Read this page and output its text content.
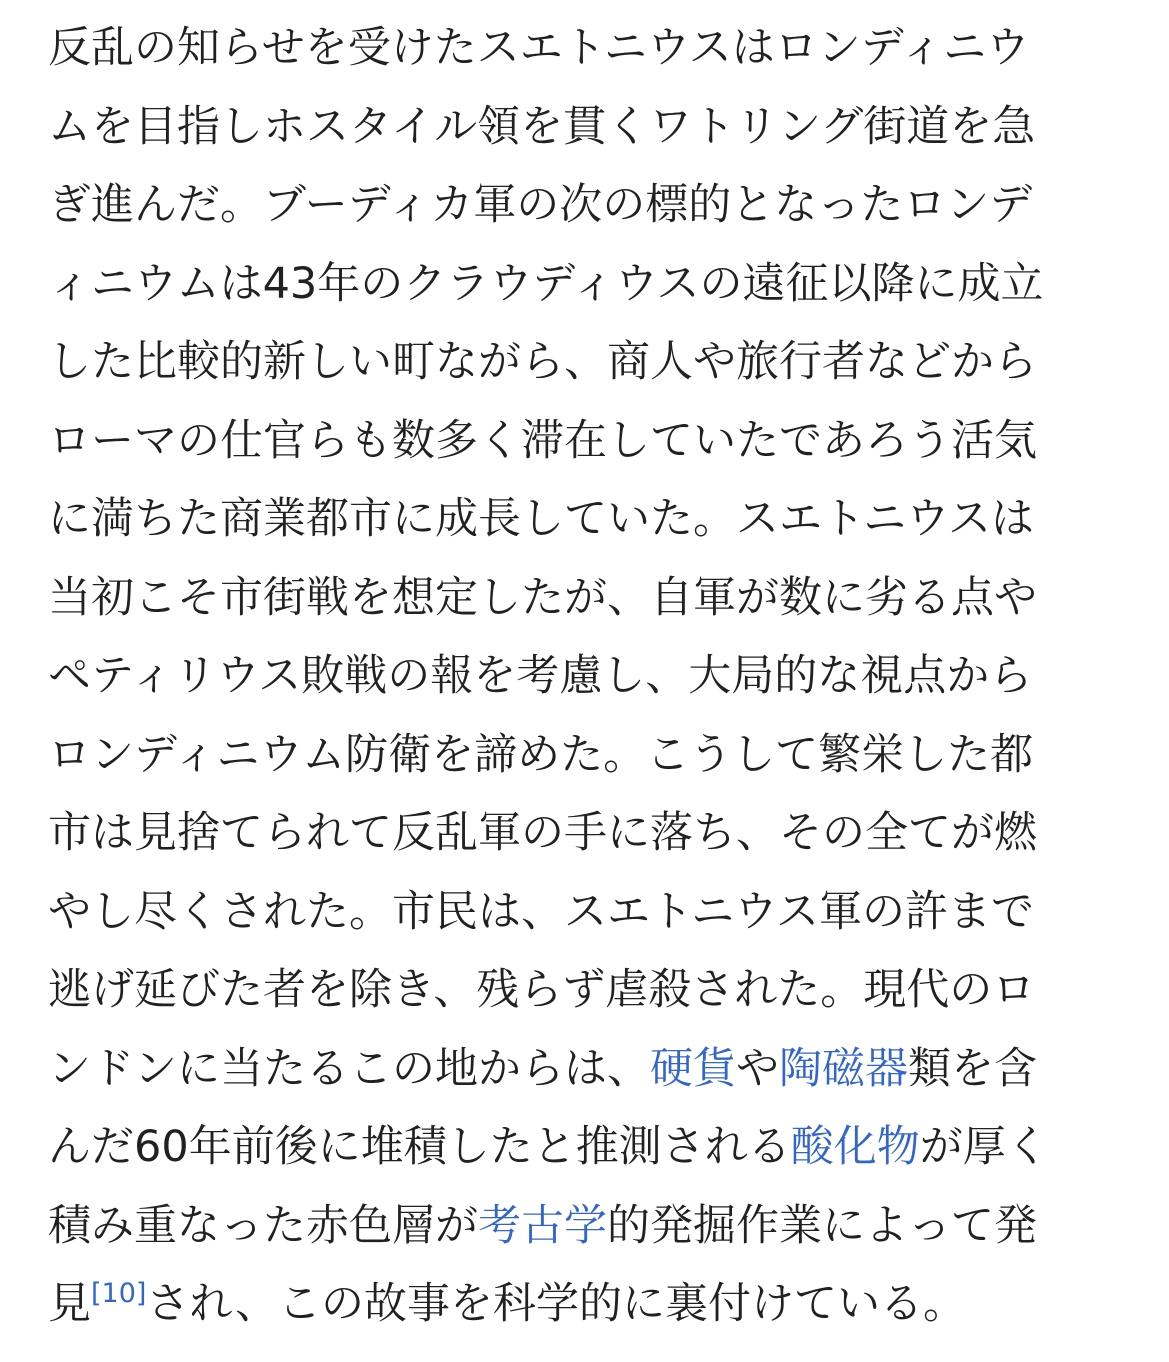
反乱の知らせを受けたスエトニウスはロンディニウ
ムを目指しホスタイル領を貫くワトリング街道を急
ぎ進んだ。ブーディカ軍の次の標的となったロンデ
ィニウムは43年のクラウディウスの遠征以降に成立
した比較的新しい町ながら、商人や旅行者などから
ローマの仕官らも数多く滞在していたであろう活気
に満ちた商業都市に成長していた。スエトニウスは
当初こそ市街戦を想定したが、自軍が数に劣る点や
ペティリウス敗戦の報を考慮し、大局的な視点から
ロンディニウム防衛を諦めた。こうして繁栄した都
市は見捨てられて反乱軍の手に落ち、その全てが燃
やし尽くされた。市民は、スエトニウス軍の許まで
逃げ延びた者を除き、残らず虐殺された。現代のロ
ンドンに当たるこの地からは、硬貨や陶磁器類を含
んだ60年前後に堆積したと推測される酸化物が厚く
積み重なった赤色層が考古学的発掘作業によって発
見[10]され、この故事を科学的に裏付けている。
